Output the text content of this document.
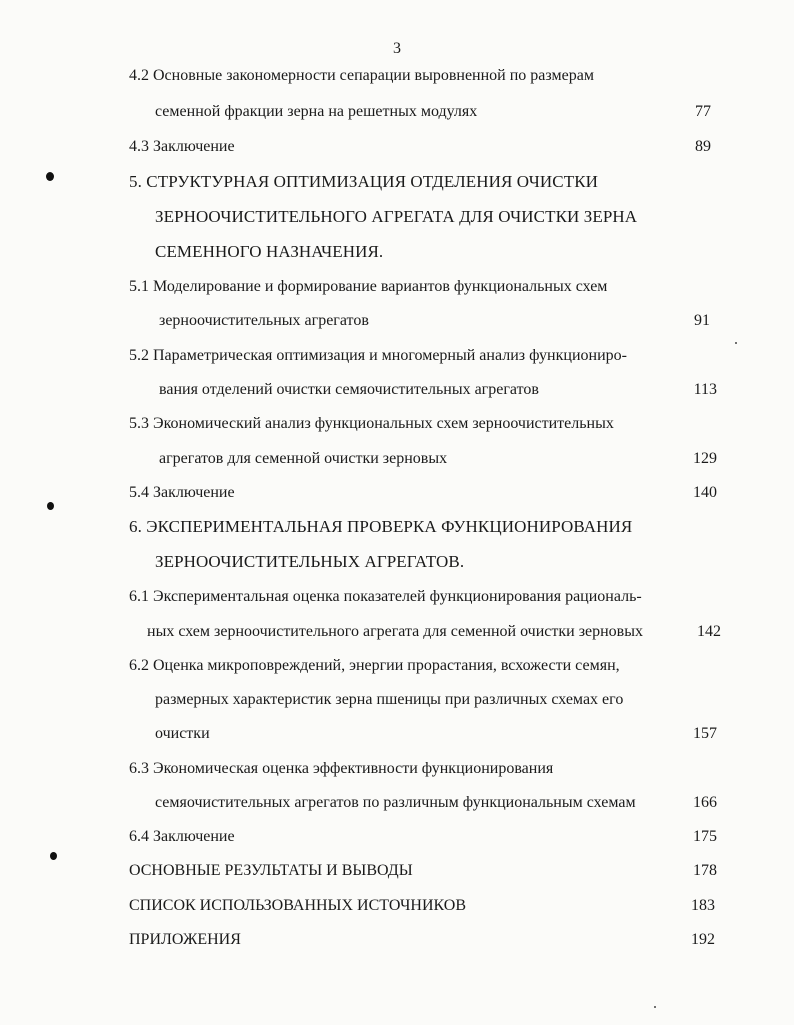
3
4.2 Основные закономерности сепарации выровненной по размерам
семенной фракции зерна на решетных модулях	77
4.3 Заключение	89
5. СТРУКТУРНАЯ ОПТИМИЗАЦИЯ ОТДЕЛЕНИЯ ОЧИСТКИ
ЗЕРНООЧИСТИТЕЛЬНОГО АГРЕГАТА ДЛЯ ОЧИСТКИ ЗЕРНА
СЕМЕННОГО НАЗНАЧЕНИЯ.
5.1 Моделирование и формирование вариантов функциональных схем
зерноочистительных агрегатов	91
5.2 Параметрическая оптимизация и многомерный анализ функциониро-
вания отделений очистки семяочистительных агрегатов	113
5.3 Экономический анализ функциональных схем зерноочистительных
агрегатов для семенной очистки зерновых	129
5.4 Заключение	140
6. ЭКСПЕРИМЕНТАЛЬНАЯ ПРОВЕРКА ФУНКЦИОНИРОВАНИЯ
ЗЕРНООЧИСТИТЕЛЬНЫХ АГРЕГАТОВ.
6.1 Экспериментальная оценка показателей функционирования рациональ-
ных схем зерноочистительного агрегата для семенной очистки зерновых	142
6.2 Оценка микроповреждений, энергии прорастания, всхожести семян,
размерных характеристик зерна пшеницы при различных схемах его
очистки	157
6.3 Экономическая оценка эффективности функционирования
семяочистительных агрегатов по различным функциональным схемам	166
6.4 Заключение	175
ОСНОВНЫЕ РЕЗУЛЬТАТЫ И ВЫВОДЫ	178
СПИСОК ИСПОЛЬЗОВАННЫХ ИСТОЧНИКОВ	183
ПРИЛОЖЕНИЯ	192
